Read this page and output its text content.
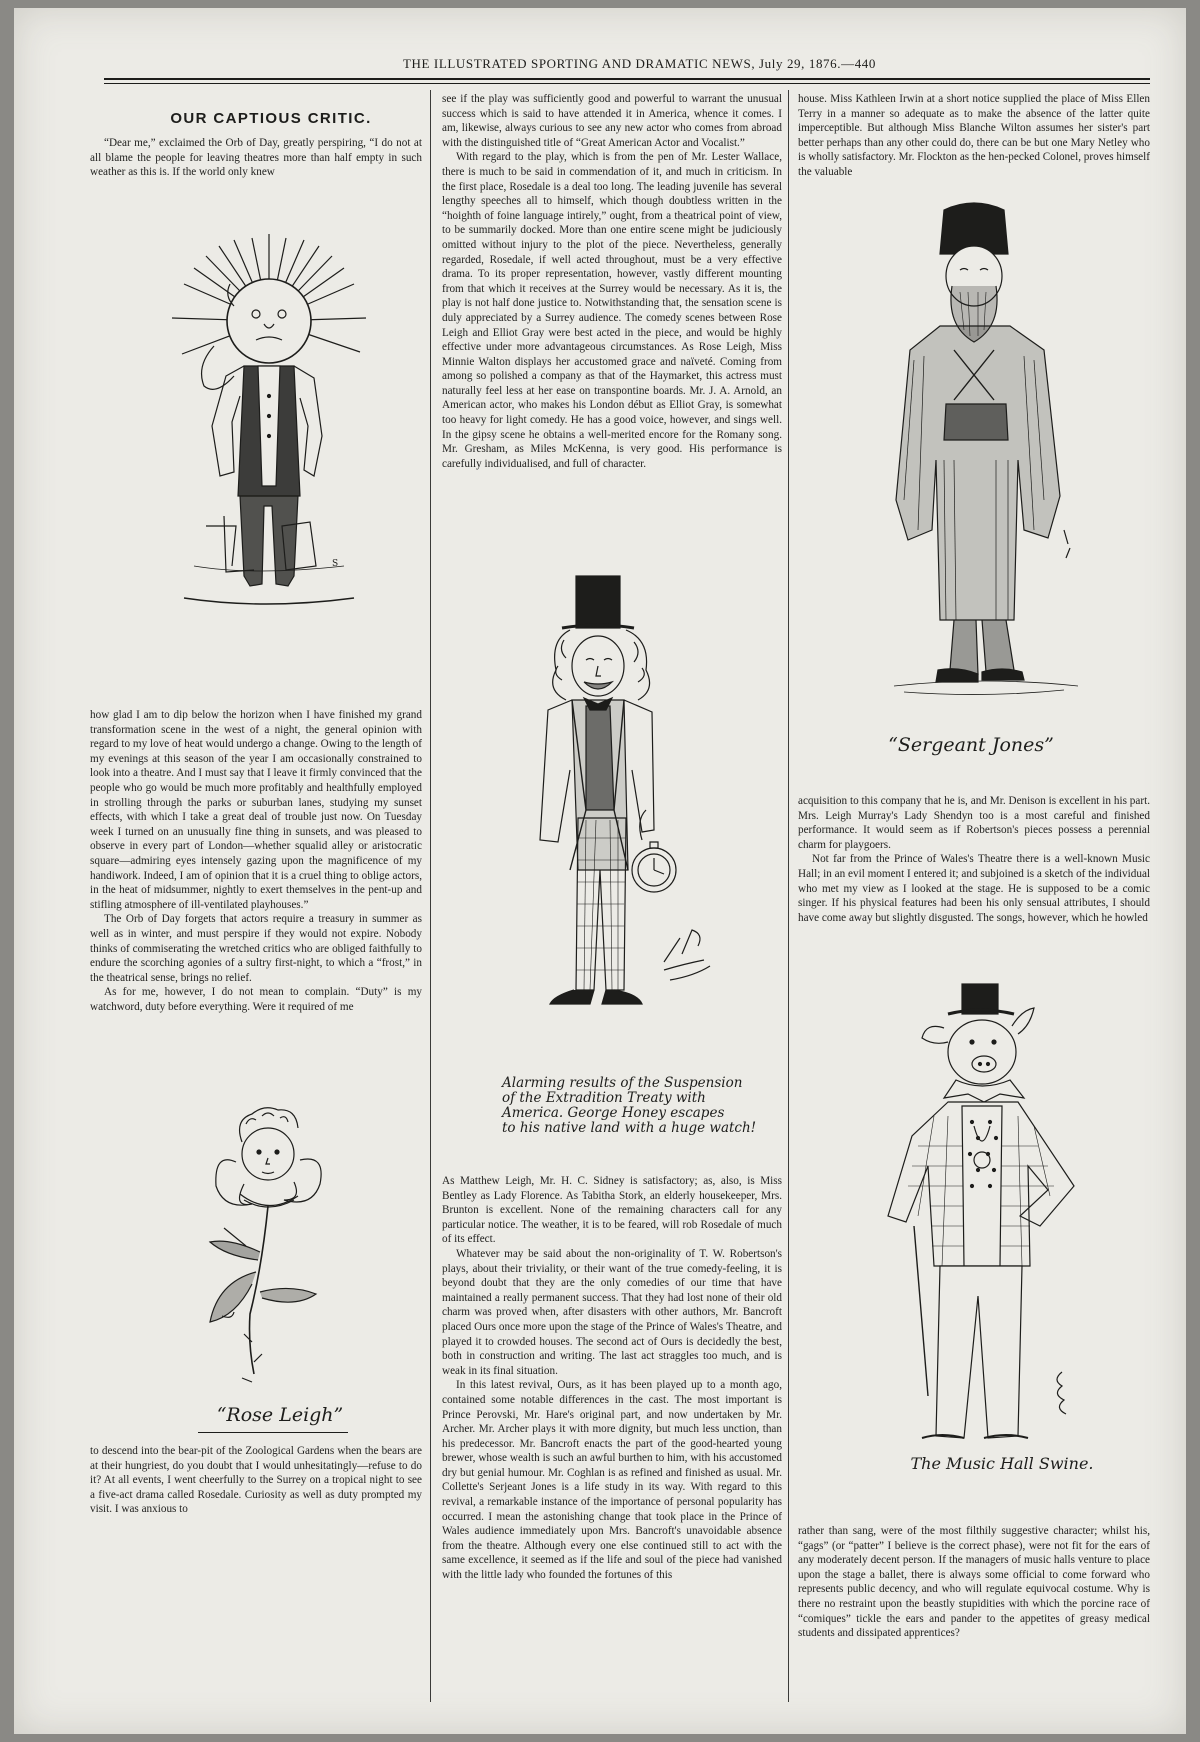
THE ILLUSTRATED SPORTING AND DRAMATIC NEWS, July 29, 1876.—440
OUR CAPTIOUS CRITIC.

“Dear me,” exclaimed the Orb of Day, greatly perspiring, “I do not at all blame the people for leaving theatres more than half empty in such weather as this is. If the world only knew

S

how glad I am to dip below the horizon when I have finished my grand transformation scene in the west of a night, the general opinion with regard to my love of heat would undergo a change. Owing to the length of my evenings at this season of the year I am occasionally constrained to look into a theatre. And I must say that I leave it firmly convinced that the people who go would be much more profitably and healthfully employed in strolling through the parks or suburban lanes, studying my sunset effects, with which I take a great deal of trouble just now. On Tuesday week I turned on an unusually fine thing in sunsets, and was pleased to observe in every part of London—whether squalid alley or aristocratic square—admiring eyes intensely gazing upon the magnificence of my handiwork. Indeed, I am of opinion that it is a cruel thing to oblige actors, in the heat of midsummer, nightly to exert themselves in the pent-up and stifling atmosphere of ill-ventilated playhouses.”

The Orb of Day forgets that actors require a treasury in summer as well as in winter, and must perspire if they would not expire. Nobody thinks of commiserating the wretched critics who are obliged faithfully to endure the scorching agonies of a sultry first-night, to which a “frost,” in the theatrical sense, brings no relief.

As for me, however, I do not mean to complain. “Duty” is my watchword, duty before everything. Were it required of me

“Rose Leigh”

to descend into the bear-pit of the Zoological Gardens when the bears are at their hungriest, do you doubt that I would unhesitatingly—refuse to do it? At all events, I went cheerfully to the Surrey on a tropical night to see a five-act drama called Rosedale. Curiosity as well as duty prompted my visit. I was anxious to

see if the play was sufficiently good and powerful to warrant the unusual success which is said to have attended it in America, whence it comes. I am, likewise, always curious to see any new actor who comes from abroad with the distinguished title of “Great American Actor and Vocalist.”

With regard to the play, which is from the pen of Mr. Lester Wallace, there is much to be said in commendation of it, and much in criticism. In the first place, Rosedale is a deal too long. The leading juvenile has several lengthy speeches all to himself, which though doubtless written in the “hoighth of foine language intirely,” ought, from a theatrical point of view, to be summarily docked. More than one entire scene might be judiciously omitted without injury to the plot of the piece. Nevertheless, generally regarded, Rosedale, if well acted throughout, must be a very effective drama. To its proper representation, however, vastly different mounting from that which it receives at the Surrey would be necessary. As it is, the play is not half done justice to. Notwithstanding that, the sensation scene is duly appreciated by a Surrey audience. The comedy scenes between Rose Leigh and Elliot Gray were best acted in the piece, and would be highly effective under more advantageous circumstances. As Rose Leigh, Miss Minnie Walton displays her accustomed grace and naïveté. Coming from among so polished a company as that of the Haymarket, this actress must naturally feel less at her ease on transpontine boards. Mr. J. A. Arnold, an American actor, who makes his London début as Elliot Gray, is somewhat too heavy for light comedy. He has a good voice, however, and sings well. In the gipsy scene he obtains a well-merited encore for the Romany song. Mr. Gresham, as Miles McKenna, is very good. His performance is carefully individualised, and full of character.

Alarming results of the Suspension
of the Extradition Treaty with
America. George Honey escapes
to his native land with a huge watch!

As Matthew Leigh, Mr. H. C. Sidney is satisfactory; as, also, is Miss Bentley as Lady Florence. As Tabitha Stork, an elderly housekeeper, Mrs. Brunton is excellent. None of the remaining characters call for any particular notice. The weather, it is to be feared, will rob Rosedale of much of its effect.

Whatever may be said about the non-originality of T. W. Robertson's plays, about their triviality, or their want of the true comedy-feeling, it is beyond doubt that they are the only comedies of our time that have maintained a really permanent success. That they had lost none of their old charm was proved when, after disasters with other authors, Mr. Bancroft placed Ours once more upon the stage of the Prince of Wales's Theatre, and played it to crowded houses. The second act of Ours is decidedly the best, both in construction and writing. The last act straggles too much, and is weak in its final situation.

In this latest revival, Ours, as it has been played up to a month ago, contained some notable differences in the cast. The most important is Prince Perovski, Mr. Hare's original part, and now undertaken by Mr. Archer. Mr. Archer plays it with more dignity, but much less unction, than his predecessor. Mr. Bancroft enacts the part of the good-hearted young brewer, whose wealth is such an awful burthen to him, with his accustomed dry but genial humour. Mr. Coghlan is as refined and finished as usual. Mr. Collette's Serjeant Jones is a life study in its way. With regard to this revival, a remarkable instance of the importance of personal popularity has occurred. I mean the astonishing change that took place in the Prince of Wales audience immediately upon Mrs. Bancroft's unavoidable absence from the theatre. Although every one else continued still to act with the same excellence, it seemed as if the life and soul of the piece had vanished with the little lady who founded the fortunes of this

house. Miss Kathleen Irwin at a short notice supplied the place of Miss Ellen Terry in a manner so adequate as to make the absence of the latter quite imperceptible. But although Miss Blanche Wilton assumes her sister's part better perhaps than any other could do, there can be but one Mary Netley who is wholly satisfactory. Mr. Flockton as the hen-pecked Colonel, proves himself the valuable

“Sergeant Jones”

acquisition to this company that he is, and Mr. Denison is excellent in his part. Mrs. Leigh Murray's Lady Shendyn too is a most careful and finished performance. It would seem as if Robertson's pieces possess a perennial charm for playgoers.

Not far from the Prince of Wales's Theatre there is a well-known Music Hall; in an evil moment I entered it; and subjoined is a sketch of the individual who met my view as I looked at the stage. He is supposed to be a comic singer. If his physical features had been his only sensual attributes, I should have come away but slightly disgusted. The songs, however, which he howled

The Music Hall Swine.

rather than sang, were of the most filthily suggestive character; whilst his, “gags” (or “patter” I believe is the correct phase), were not fit for the ears of any moderately decent person. If the managers of music halls venture to place upon the stage a ballet, there is always some official to come forward who represents public decency, and who will regulate equivocal costume. Why is there no restraint upon the beastly stupidities with which the porcine race of “comiques” tickle the ears and pander to the appetites of greasy medical students and dissipated apprentices?
